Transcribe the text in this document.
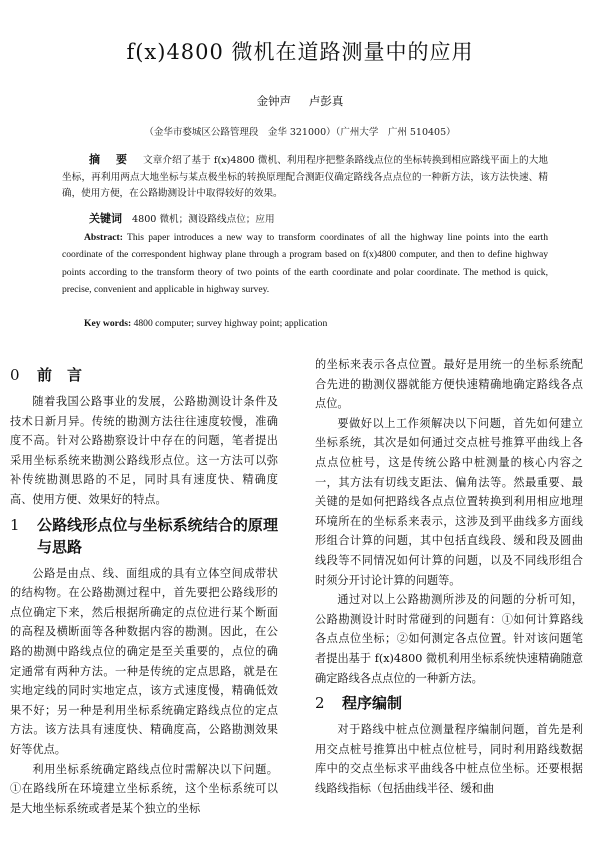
f(x)4800 微机在道路测量中的应用
金钟声 卢彭真
（金华市婺城区公路管理段　金华 321000）（广州大学　广州 510405）
摘 要 文章介绍了基于 f(x)4800 微机、利用程序把整条路线点位的坐标转换到相应路线平面上的大地坐标，再利用两点大地坐标与某点极坐标的转换原理配合测距仪确定路线各点点位的一种新方法，该方法快速、精确，使用方便，在公路勘测设计中取得较好的效果。
关键词 4800 微机；测设路线点位；应用
Abstract: This paper introduces a new way to transform coordinates of all the highway line points into the earth coordinate of the correspondent highway plane through a program based on f(x)4800 computer, and then to define highway points according to the transform theory of two points of the earth coordinate and polar coordinate. The method is quick, precise, convenient and applicable in highway survey.
Key words: 4800 computer; survey highway point; application
0	前　言

随着我国公路事业的发展，公路勘测设计条件及技术日新月异。传统的勘测方法往往速度较慢，准确度不高。针对公路勘察设计中存在的问题，笔者提出采用坐标系统来勘测公路线形点位。这一方法可以弥补传统勘测思路的不足，同时具有速度快、精确度高、使用方便、效果好的特点。

1	公路线形点位与坐标系统结合的原理与思路

公路是由点、线、面组成的具有立体空间成带状的结构物。在公路勘测过程中，首先要把公路线形的点位确定下来，然后根据所确定的点位进行某个断面的高程及横断面等各种数据内容的勘测。因此，在公路的勘测中路线点位的确定是至关重要的，点位的确定通常有两种方法。一种是传统的定点思路，就是在实地定线的同时实地定点，该方式速度慢，精确低效果不好；另一种是利用坐标系统确定路线点位的定点方法。该方法具有速度快、精确度高，公路勘测效果好等优点。

利用坐标系统确定路线点位时需解决以下问题。①在路线所在环境建立坐标系统，这个坐标系统可以是大地坐标系统或者是某个独立的坐标

的坐标来表示各点位置。最好是用统一的坐标系统配合先进的勘测仪器就能方便快速精确地确定路线各点点位。

要做好以上工作须解决以下问题，首先如何建立坐标系统，其次是如何通过交点桩号推算平曲线上各点点位桩号，这是传统公路中桩测量的核心内容之一，其方法有切线支距法、偏角法等。然最重要、最关键的是如何把路线各点点位置转换到利用相应地理环境所在的坐标系来表示，这涉及到平曲线多方面线形组合计算的问题，其中包括直线段、缓和段及圆曲线段等不同情况如何计算的问题，以及不同线形组合时须分开讨论计算的问题等。

通过对以上公路勘测所涉及的问题的分析可知，公路勘测设计时时常碰到的问题有：①如何计算路线各点点位坐标；②如何测定各点位置。针对该问题笔者提出基于 f(x)4800 微机利用坐标系统快速精确随意确定路线各点点位的一种新方法。

2	程序编制

对于路线中桩点位测量程序编制问题，首先是利用交点桩号推算出中桩点位桩号，同时利用路线数据库中的交点坐标求平曲线各中桩点位坐标。还要根据线路线指标（包括曲线半径、缓和曲
